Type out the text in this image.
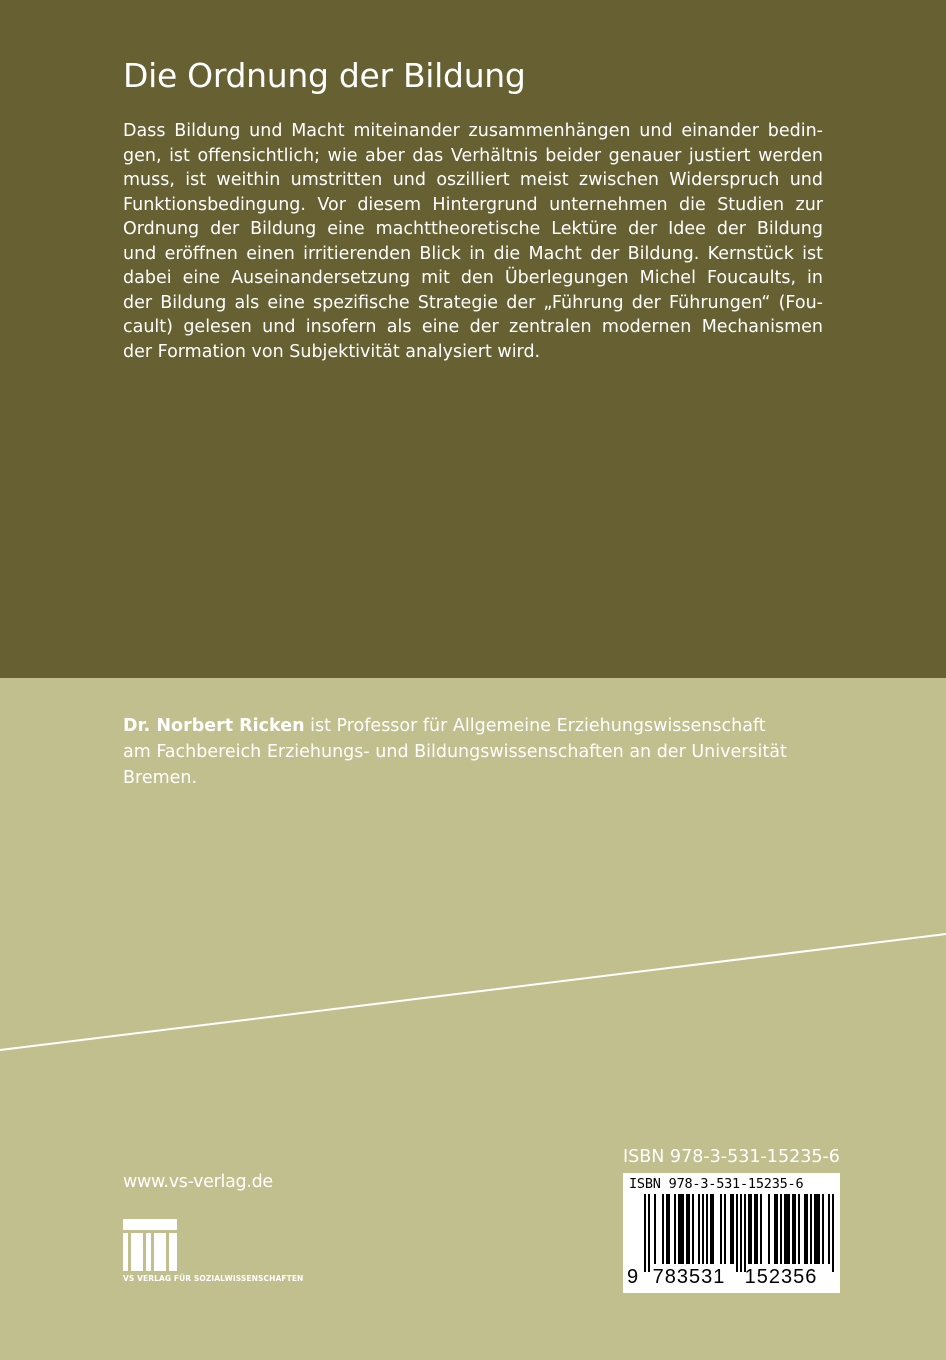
Die Ordnung der Bildung
Dass Bildung und Macht miteinander zusammenhängen und einander bedin-
gen, ist offensichtlich; wie aber das Verhältnis beider genauer justiert werden
muss, ist weithin umstritten und oszilliert meist zwischen Widerspruch und
Funktionsbedingung. Vor diesem Hintergrund unternehmen die Studien zur
Ordnung der Bildung eine machttheoretische Lektüre der Idee der Bildung
und eröffnen einen irritierenden Blick in die Macht der Bildung. Kernstück ist
dabei eine Auseinandersetzung mit den Überlegungen Michel Foucaults, in
der Bildung als eine spezifische Strategie der „Führung der Führungen“ (Fou-
cault) gelesen und insofern als eine der zentralen modernen Mechanismen
der Formation von Subjektivität analysiert wird.
Dr. Norbert Ricken ist Professor für Allgemeine Erziehungswissenschaft
am Fachbereich Erziehungs- und Bildungswissenschaften an der Universität
Bremen.
www.vs-verlag.de
VS VERLAG FÜR SOZIALWISSENSCHAFTEN
ISBN 978-3-531-15235-6
ISBN 978-3-531-15235-6
9 783531 152356
